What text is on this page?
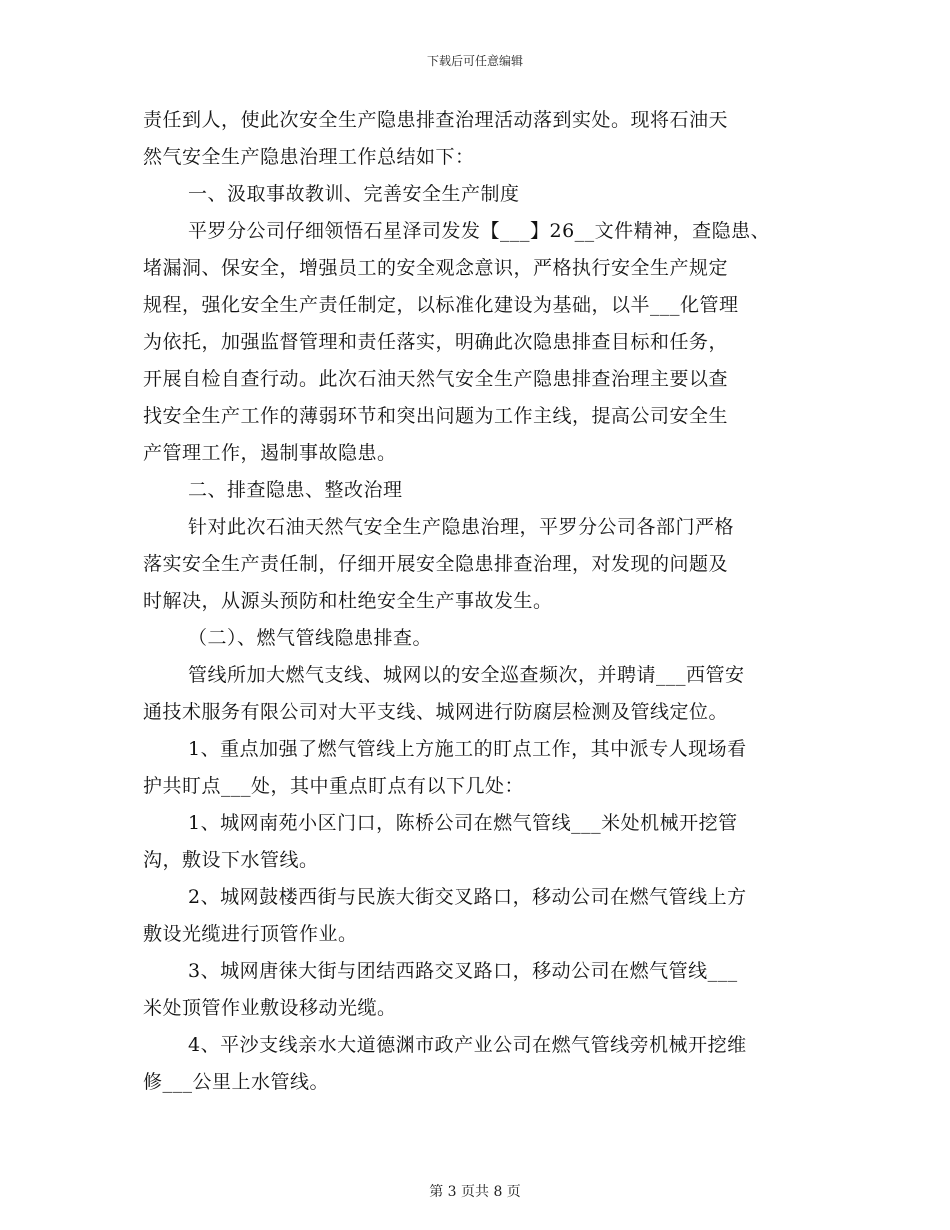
下载后可任意编辑
责任到人，使此次安全生产隐患排查治理活动落到实处。现将石油天
然气安全生产隐患治理工作总结如下：
一、汲取事故教训、完善安全生产制度
平罗分公司仔细领悟石星泽司发发【___】26__文件精神，查隐患、
堵漏洞、保安全，增强员工的安全观念意识，严格执行安全生产规定
规程，强化安全生产责任制定，以标准化建设为基础，以半___化管理
为依托，加强监督管理和责任落实，明确此次隐患排查目标和任务，
开展自检自查行动。此次石油天然气安全生产隐患排查治理主要以查
找安全生产工作的薄弱环节和突出问题为工作主线，提高公司安全生
产管理工作，遏制事故隐患。
二、排查隐患、整改治理
针对此次石油天然气安全生产隐患治理，平罗分公司各部门严格
落实安全生产责任制，仔细开展安全隐患排查治理，对发现的问题及
时解决，从源头预防和杜绝安全生产事故发生。
（二）、燃气管线隐患排查。
管线所加大燃气支线、城网以的安全巡查频次，并聘请___西管安
通技术服务有限公司对大平支线、城网进行防腐层检测及管线定位。
1、重点加强了燃气管线上方施工的盯点工作，其中派专人现场看
护共盯点___处，其中重点盯点有以下几处：
1、城网南苑小区门口，陈桥公司在燃气管线___米处机械开挖管
沟，敷设下水管线。
2、城网鼓楼西街与民族大街交叉路口，移动公司在燃气管线上方
敷设光缆进行顶管作业。
3、城网唐徕大街与团结西路交叉路口，移动公司在燃气管线___
米处顶管作业敷设移动光缆。
4、平沙支线亲水大道德渊市政产业公司在燃气管线旁机械开挖维
修___公里上水管线。
第 3 页共 8 页
